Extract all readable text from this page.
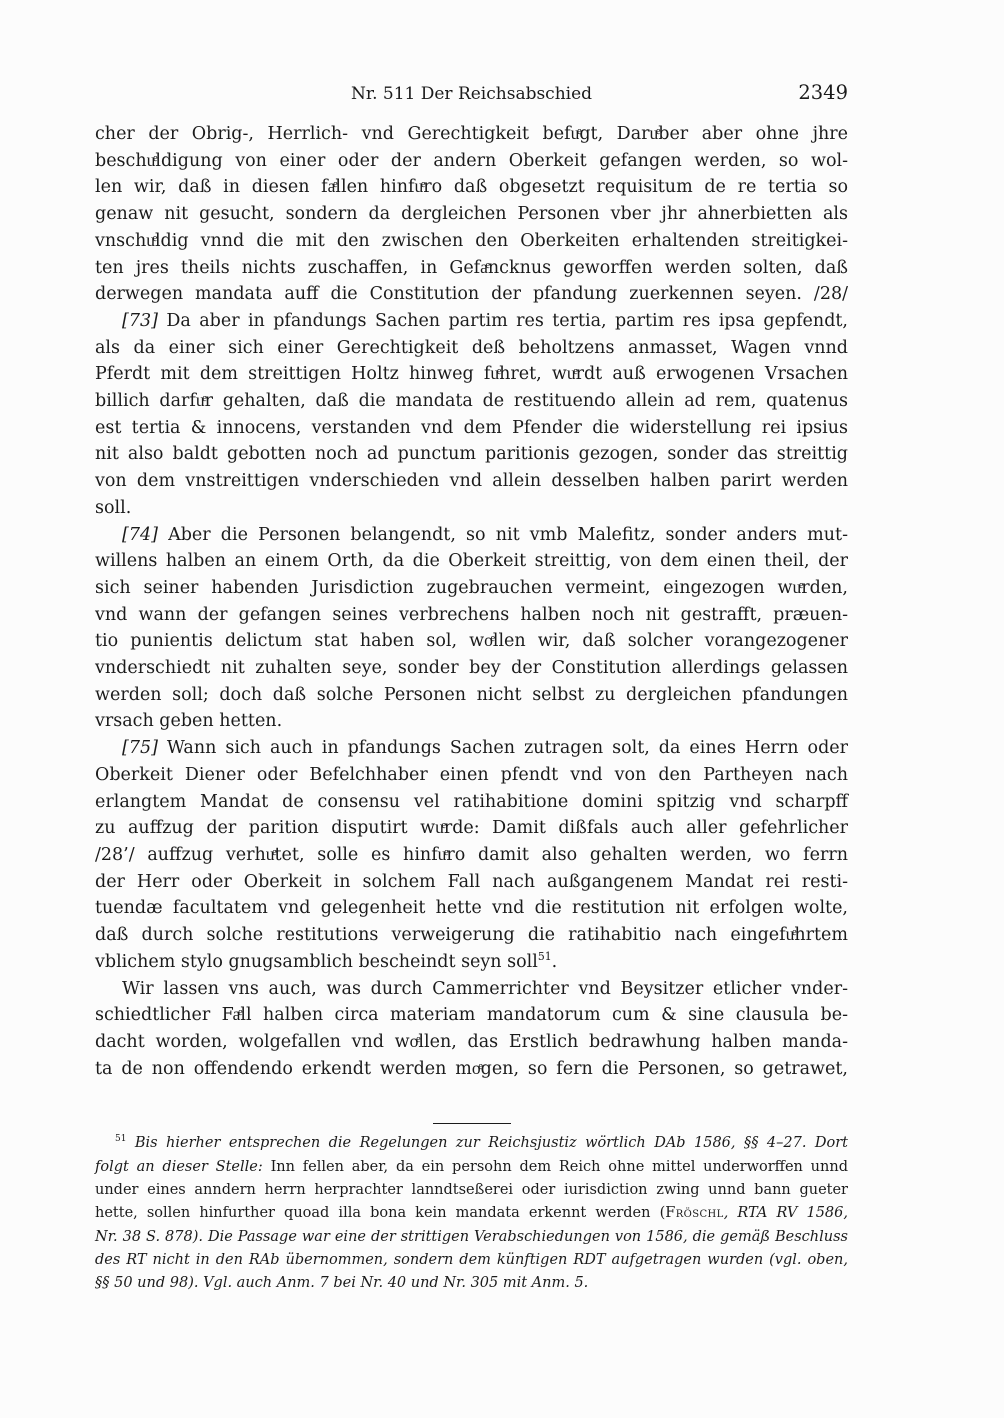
Nr. 511 Der Reichsabschied	2349
cher der Obrig-, Herrlich- vnd Gerechtigkeit befuͤgt, Daruͤber aber ohne jhre
beschuͤldigung von einer oder der andern Oberkeit gefangen werden, so wol-
len wir, daß in diesen faͤllen hinfuͤro daß obgesetzt requisitum de re tertia so
genaw nit gesucht, sondern da dergleichen Personen vber jhr ahnerbietten als
vnschuͤldig vnnd die mit den zwischen den Oberkeiten erhaltenden streitigkei-
ten jres theils nichts zuschaffen, in Gefaͤncknus geworffen werden solten, daß
derwegen mandata auff die Constitution der pfandung zuerkennen seyen. /28/
[73] Da aber in pfandungs Sachen partim res tertia, partim res ipsa gepfendt,
als da einer sich einer Gerechtigkeit deß beholtzens anmasset, Wagen vnnd
Pferdt mit dem streittigen Holtz hinweg fuͤhret, wuͤrdt auß erwogenen Vrsachen
billich darfuͤr gehalten, daß die mandata de restituendo allein ad rem, quatenus
est tertia & innocens, verstanden vnd dem Pfender die widerstellung rei ipsius
nit also baldt gebotten noch ad punctum paritionis gezogen, sonder das streittig
von dem vnstreittigen vnderschieden vnd allein desselben halben parirt werden
soll.
[74] Aber die Personen belangendt, so nit vmb Malefitz, sonder anders mut-
willens halben an einem Orth, da die Oberkeit streittig, von dem einen theil, der
sich seiner habenden Jurisdiction zugebrauchen vermeint, eingezogen wuͤrden,
vnd wann der gefangen seines verbrechens halben noch nit gestrafft, præuen-
tio punientis delictum stat haben sol, woͤllen wir, daß solcher vorangezogener
vnderschiedt nit zuhalten seye, sonder bey der Constitution allerdings gelassen
werden soll; doch daß solche Personen nicht selbst zu dergleichen pfandungen
vrsach geben hetten.
[75] Wann sich auch in pfandungs Sachen zutragen solt, da eines Herrn oder
Oberkeit Diener oder Befelchhaber einen pfendt vnd von den Partheyen nach
erlangtem Mandat de consensu vel ratihabitione domini spitzig vnd scharpff
zu auffzug der parition disputirt wuͤrde: Damit dißfals auch aller gefehrlicher
/28’/ auffzug verhuͤtet, solle es hinfuͤro damit also gehalten werden, wo ferrn
der Herr oder Oberkeit in solchem Fall nach außgangenem Mandat rei resti-
tuendæ facultatem vnd gelegenheit hette vnd die restitution nit erfolgen wolte,
daß durch solche restitutions verweigerung die ratihabitio nach eingefuͤhrtem
vblichem stylo gnugsamblich bescheindt seyn soll$^{51}$.
Wir lassen vns auch, was durch Cammerrichter vnd Beysitzer etlicher vnder-
schiedtlicher Faͤll halben circa materiam mandatorum cum & sine clausula be-
dacht worden, wolgefallen vnd woͤllen, das Erstlich bedrawhung halben manda-
ta de non offendendo erkendt werden moͤgen, so fern die Personen, so getrawet,
$^{51}$ Bis hierher entsprechen die Regelungen zur Reichsjustiz wörtlich DAb 1586, §§ 4–27. Dort
folgt an dieser Stelle: Inn fellen aber, da ein persohn dem Reich ohne mittel underworffen unnd
under eines anndern herrn herprachter lanndtseßerei oder iurisdiction zwing unnd bann gueter
hette, sollen hinfurther quoad illa bona kein mandata erkennt werden (Fröschl, RTA RV 1586,
Nr. 38 S. 878). Die Passage war eine der strittigen Verabschiedungen von 1586, die gemäß Beschluss
des RT nicht in den RAb übernommen, sondern dem künftigen RDT aufgetragen wurden (vgl. oben,
§§ 50 und 98). Vgl. auch Anm. 7 bei Nr. 40 und Nr. 305 mit Anm. 5.
